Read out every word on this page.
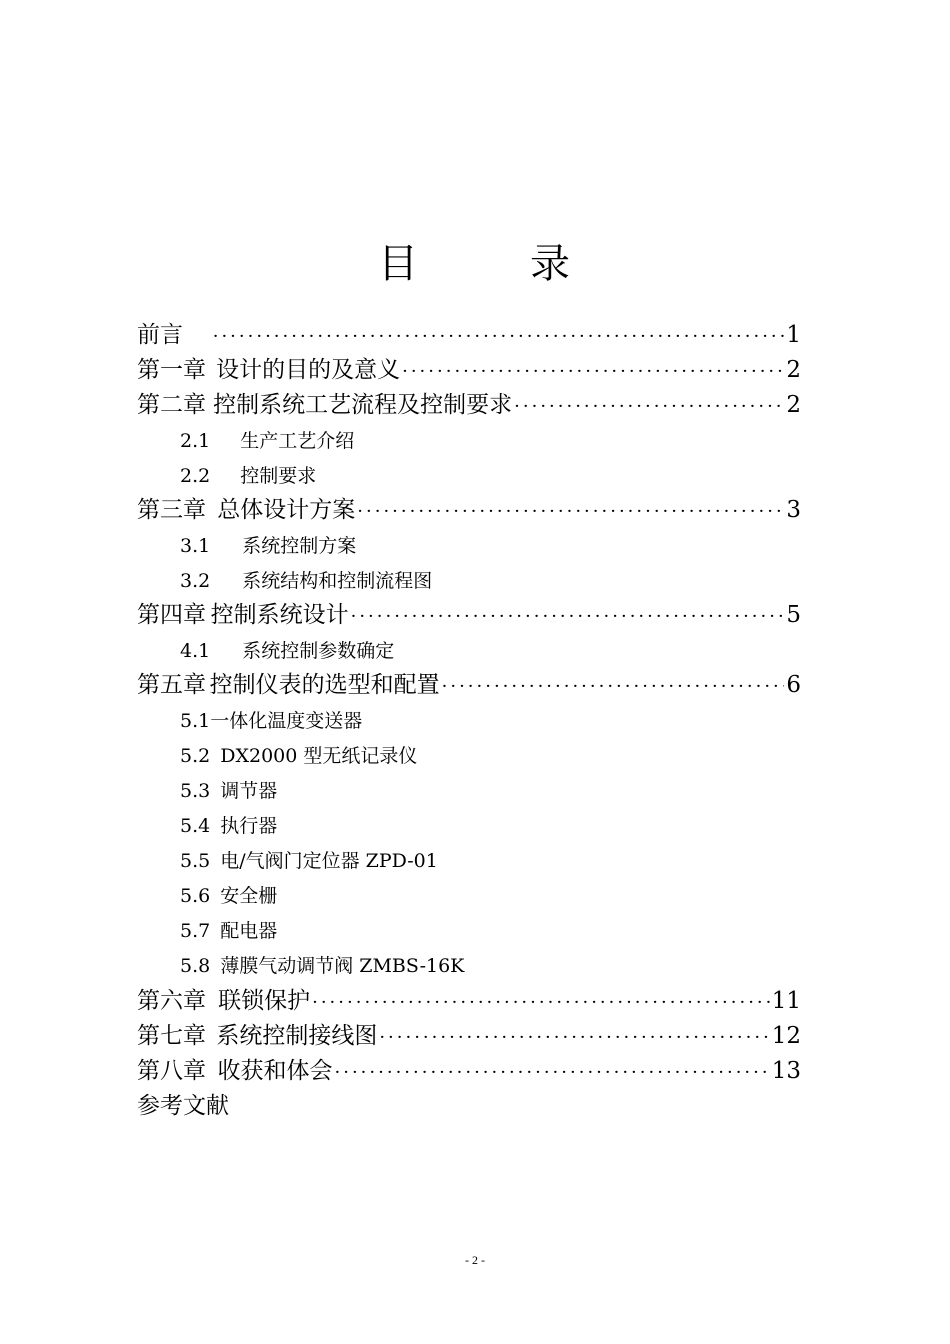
目	录
前言 ·····	1
第一章 设计的目的及意义 ·····	2
第二章 控制系统工艺流程及控制要求 ·····	2
2.1 生产工艺介绍
2.2 控制要求
第三章 总体设计方案 ·····	3
3.1 系统控制方案
3.2 系统结构和控制流程图
第四章 控制系统设计 ·····	5
4.1 系统控制参数确定
第五章 控制仪表的选型和配置 ·····	6
5.1 一体化温度变送器
5.2 DX2000 型无纸记录仪
5.3 调节器
5.4 执行器
5.5 电/气阀门定位器 ZPD-01
5.6 安全栅
5.7 配电器
5.8 薄膜气动调节阀 ZMBS-16K
第六章 联锁保护 ·····	11
第七章 系统控制接线图 ·····	12
第八章 收获和体会 ·····	13
参考文献
- 2 -
